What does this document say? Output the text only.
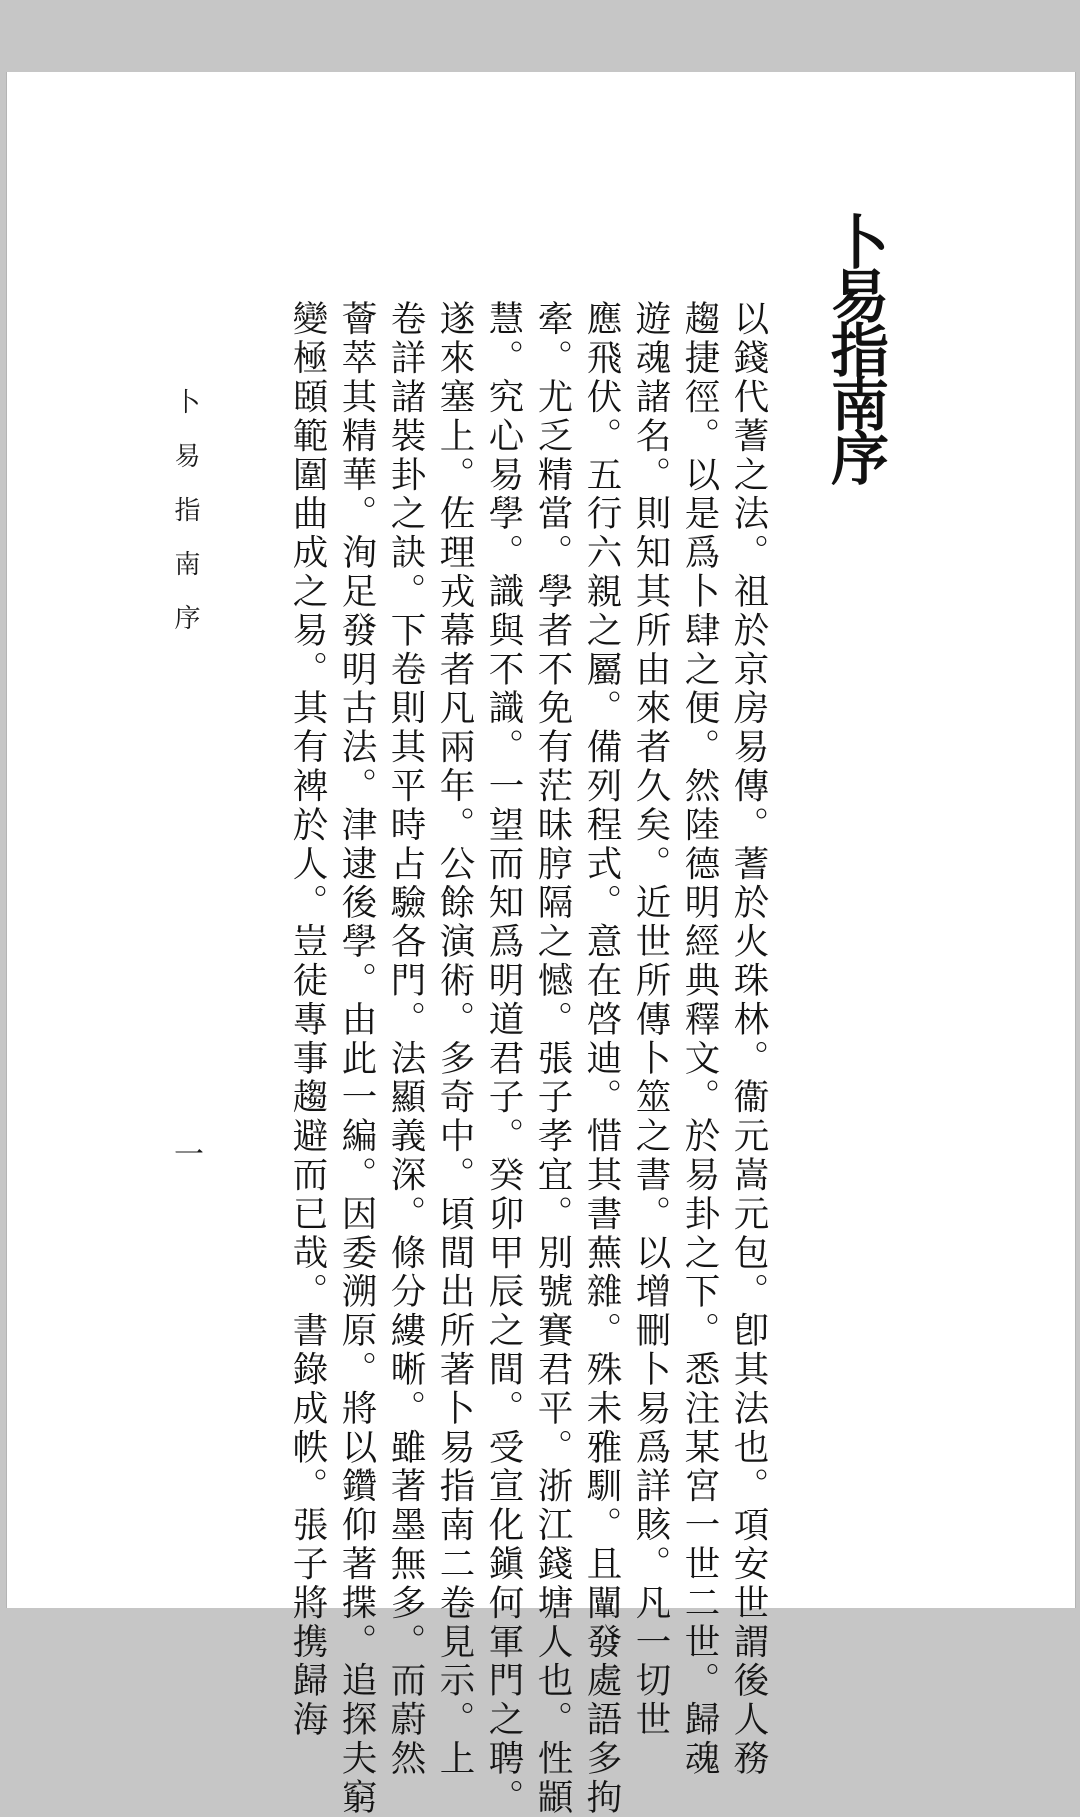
卜易指南序
以錢代蓍之法。祖於京房易傳。蓍於火珠林。衞元嵩元包。卽其法也。項安世謂後人務
趨捷徑。以是爲卜肆之便。然陸德明經典釋文。於易卦之下。悉注某宮一世二世。歸魂
遊魂諸名。則知其所由來者久矣。近世所傳卜筮之書。以增刪卜易爲詳賅。凡一切世
應飛伏。五行六親之屬。備列程式。意在啓迪。惜其書蕪雜。殊未雅馴。且闡發處語多拘
牽。尤乏精當。學者不免有茫昧脝隔之憾。張子孝宜。別號賽君平。浙江錢塘人也。性顓
慧。究心易學。識與不識。一望而知爲明道君子。癸卯甲辰之間。受宣化鎭何軍門之聘。
遂來塞上。佐理戎幕者凡兩年。公餘演術。多奇中。頃間出所著卜易指南二卷見示。上
卷詳諸裝卦之訣。下卷則其平時占驗各門。法顯義深。條分縷晰。雖著墨無多。而蔚然
薈萃其精華。洵足發明古法。津逮後學。由此一編。因委溯原。將以鑽仰著揲。追探夫窮
變極頣範圍曲成之易。其有裨於人。豈徒專事趨避而已哉。書錄成帙。張子將携歸海
卜易指南序
一
